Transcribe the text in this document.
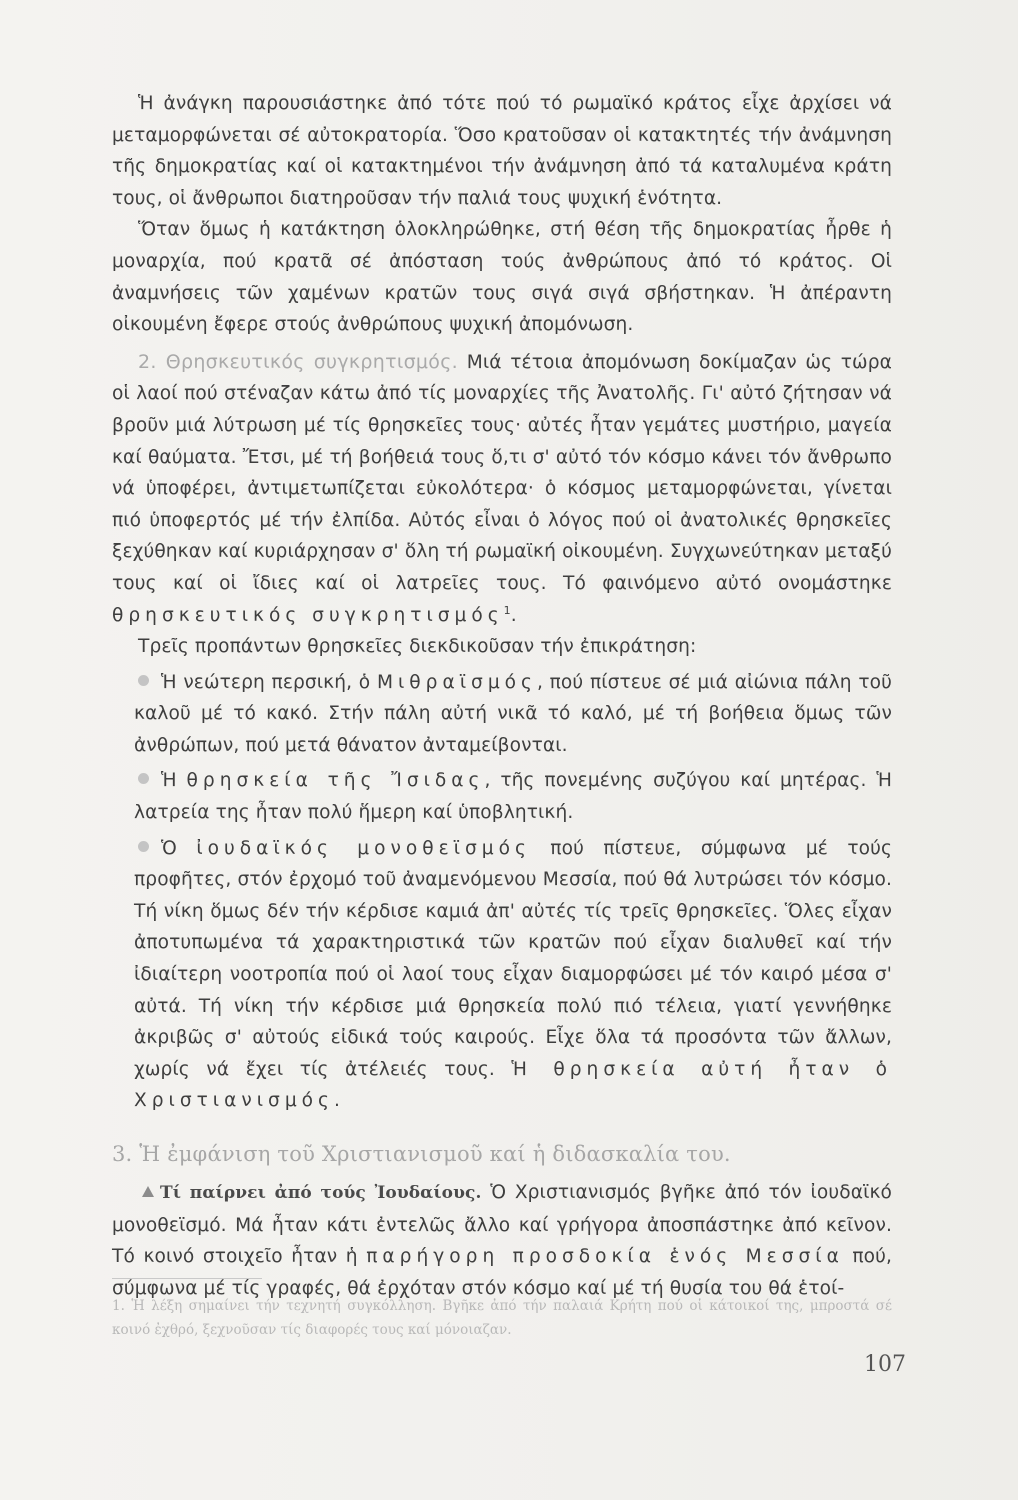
Ἡ ἀνάγκη παρουσιάστηκε ἀπό τότε πού τό ρωμαϊκό κράτος εἶχε ἀρχίσει νά μεταμορφώνεται σέ αὐτοκρατορία. Ὅσο κρατοῦσαν οἱ κατακτητές τήν ἀνάμνηση τῆς δημοκρατίας καί οἱ κατακτημένοι τήν ἀνάμνηση ἀπό τά καταλυμένα κράτη τους, οἱ ἄνθρωποι διατηροῦσαν τήν παλιά τους ψυχική ἑνότητα.

Ὅταν ὅμως ἡ κατάκτηση ὁλοκληρώθηκε, στή θέση τῆς δημοκρατίας ἦρθε ἡ μοναρχία, πού κρατᾶ σέ ἀπόσταση τούς ἀνθρώπους ἀπό τό κράτος. Οἱ ἀναμνήσεις τῶν χαμένων κρατῶν τους σιγά σιγά σβήστηκαν. Ἡ ἀπέραντη οἰκουμένη ἔφερε στούς ἀνθρώπους ψυχική ἀπομόνωση.

2. Θρησκευτικός συγκρητισμός. Μιά τέτοια ἀπομόνωση δοκίμαζαν ὡς τώρα οἱ λαοί πού στέναζαν κάτω ἀπό τίς μοναρχίες τῆς Ἀνατολῆς. Γι' αὐτό ζήτησαν νά βροῦν μιά λύτρωση μέ τίς θρησκεῖες τους· αὐτές ἦταν γεμάτες μυστήριο, μαγεία καί θαύματα. Ἔτσι, μέ τή βοήθειά τους ὅ,τι σ' αὐτό τόν κόσμο κάνει τόν ἄνθρωπο νά ὑποφέρει, ἀντιμετωπίζεται εὐκολότερα· ὁ κόσμος μεταμορφώνεται, γίνεται πιό ὑποφερτός μέ τήν ἐλπίδα. Αὐτός εἶναι ὁ λόγος πού οἱ ἀνατολικές θρησκεῖες ξεχύθηκαν καί κυριάρχησαν σ' ὅλη τή ρωμαϊκή οἰκουμένη. Συγχωνεύτηκαν μεταξύ τους καί οἱ ἴδιες καί οἱ λατρεῖες τους. Τό φαινόμενο αὐτό ονομάστηκε θρησκευτικός συγκρητισμός$^1$.

Τρεῖς προπάντων θρησκεῖες διεκδικοῦσαν τήν ἐπικράτηση:

Ἡ νεώτερη περσική, ὁ Μιθραϊσμός, πού πίστευε σέ μιά αἰώνια πάλη τοῦ καλοῦ μέ τό κακό. Στήν πάλη αὐτή νικᾶ τό καλό, μέ τή βοήθεια ὅμως τῶν ἀνθρώπων, πού μετά θάνατον ἀνταμείβονται.

Ἡ θρησκεία τῆς Ἴσιδας, τῆς πονεμένης συζύγου καί μητέρας. Ἡ λατρεία της ἦταν πολύ ἥμερη καί ὑποβλητική.

Ὁ ἰουδαϊκός μονοθεϊσμός πού πίστευε, σύμφωνα μέ τούς προφῆτες, στόν ἐρχομό τοῦ ἀναμενόμενου Μεσσία, πού θά λυτρώσει τόν κόσμο. Τή νίκη ὅμως δέν τήν κέρδισε καμιά ἀπ' αὐτές τίς τρεῖς θρησκεῖες. Ὅλες εἶχαν ἀποτυπωμένα τά χαρακτηριστικά τῶν κρατῶν πού εἶχαν διαλυθεῖ καί τήν ἰδιαίτερη νοοτροπία πού οἱ λαοί τους εἶχαν διαμορφώσει μέ τόν καιρό μέσα σ' αὐτά. Τή νίκη τήν κέρδισε μιά θρησκεία πολύ πιό τέλεια, γιατί γεννήθηκε ἀκριβῶς σ' αὐτούς εἰδικά τούς καιρούς. Εἶχε ὅλα τά προσόντα τῶν ἄλλων, χωρίς νά ἔχει τίς ἀτέλειές τους. Ἡ θρησκεία αὐτή ἦταν ὁ Χριστιανισμός.

3. Ἡ ἐμφάνιση τοῦ Χριστιανισμοῦ καί ἡ διδασκαλία του.

Τί παίρνει ἀπό τούς Ἰουδαίους. Ὁ Χριστιανισμός βγῆκε ἀπό τόν ἰουδαϊκό μονοθεϊσμό. Μά ἦταν κάτι ἐντελῶς ἄλλο καί γρήγορα ἀποσπάστηκε ἀπό κεῖνον. Τό κοινό στοιχεῖο ἦταν ἡ παρήγορη προσδοκία ἑνός Μεσσία πού, σύμφωνα μέ τίς γραφές, θά ἐρχόταν στόν κόσμο καί μέ τή θυσία του θά ἑτοί-

1. Ἡ λέξη σημαίνει τήν τεχνητή συγκόλληση. Βγῆκε ἀπό τήν παλαιά Κρήτη πού οἱ κάτοικοί της, μπροστά σέ κοινό ἐχθρό, ξεχνοῦσαν τίς διαφορές τους καί μόνοιαζαν.

107
